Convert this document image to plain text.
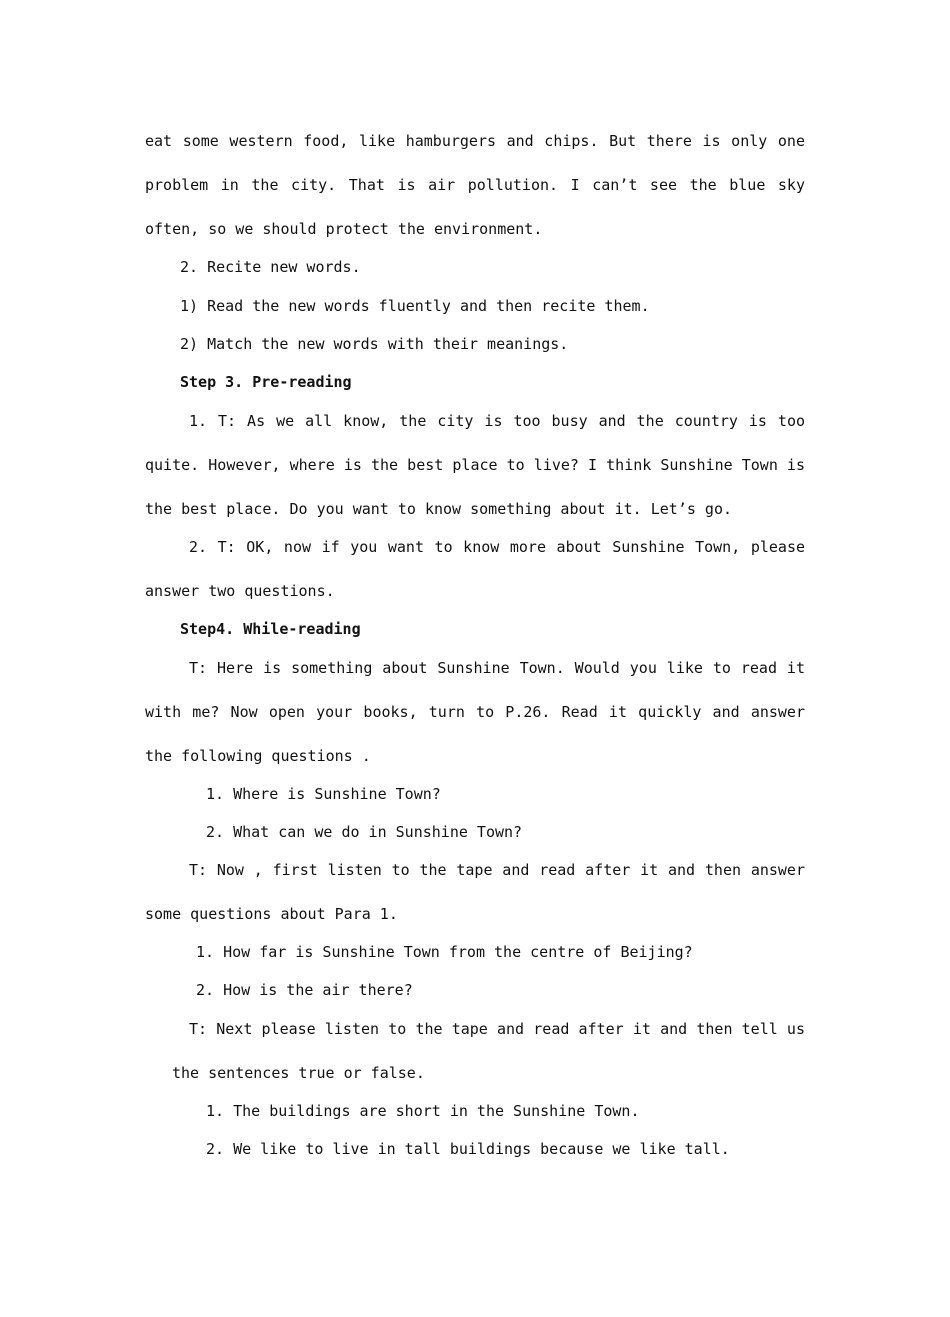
eat some western food, like hamburgers and chips. But there is only one
problem in the city. That is air pollution. I can’t see the blue sky
often, so we should protect the environment.
2. Recite new words.
1) Read the new words fluently and then recite them.
2) Match the new words with their meanings.
Step 3. Pre-reading
1. T: As we all know, the city is too busy and the country is too
quite. However, where is the best place to live? I think Sunshine Town is
the best place. Do you want to know something about it. Let’s go.
2. T: OK, now if you want to know more about Sunshine Town, please
answer two questions.
Step4. While-reading
T: Here is something about Sunshine Town. Would you like to read it
with me? Now open your books, turn to P.26. Read it quickly and answer
the following questions .
1. Where is Sunshine Town?
2. What can we do in Sunshine Town?
T: Now , first listen to the tape and read after it and then answer
some questions about Para 1.
1. How far is Sunshine Town from the centre of Beijing?
2. How is the air there?
T: Next please listen to the tape and read after it and then tell us
the sentences true or false.
1. The buildings are short in the Sunshine Town.
2. We like to live in tall buildings because we like tall.
